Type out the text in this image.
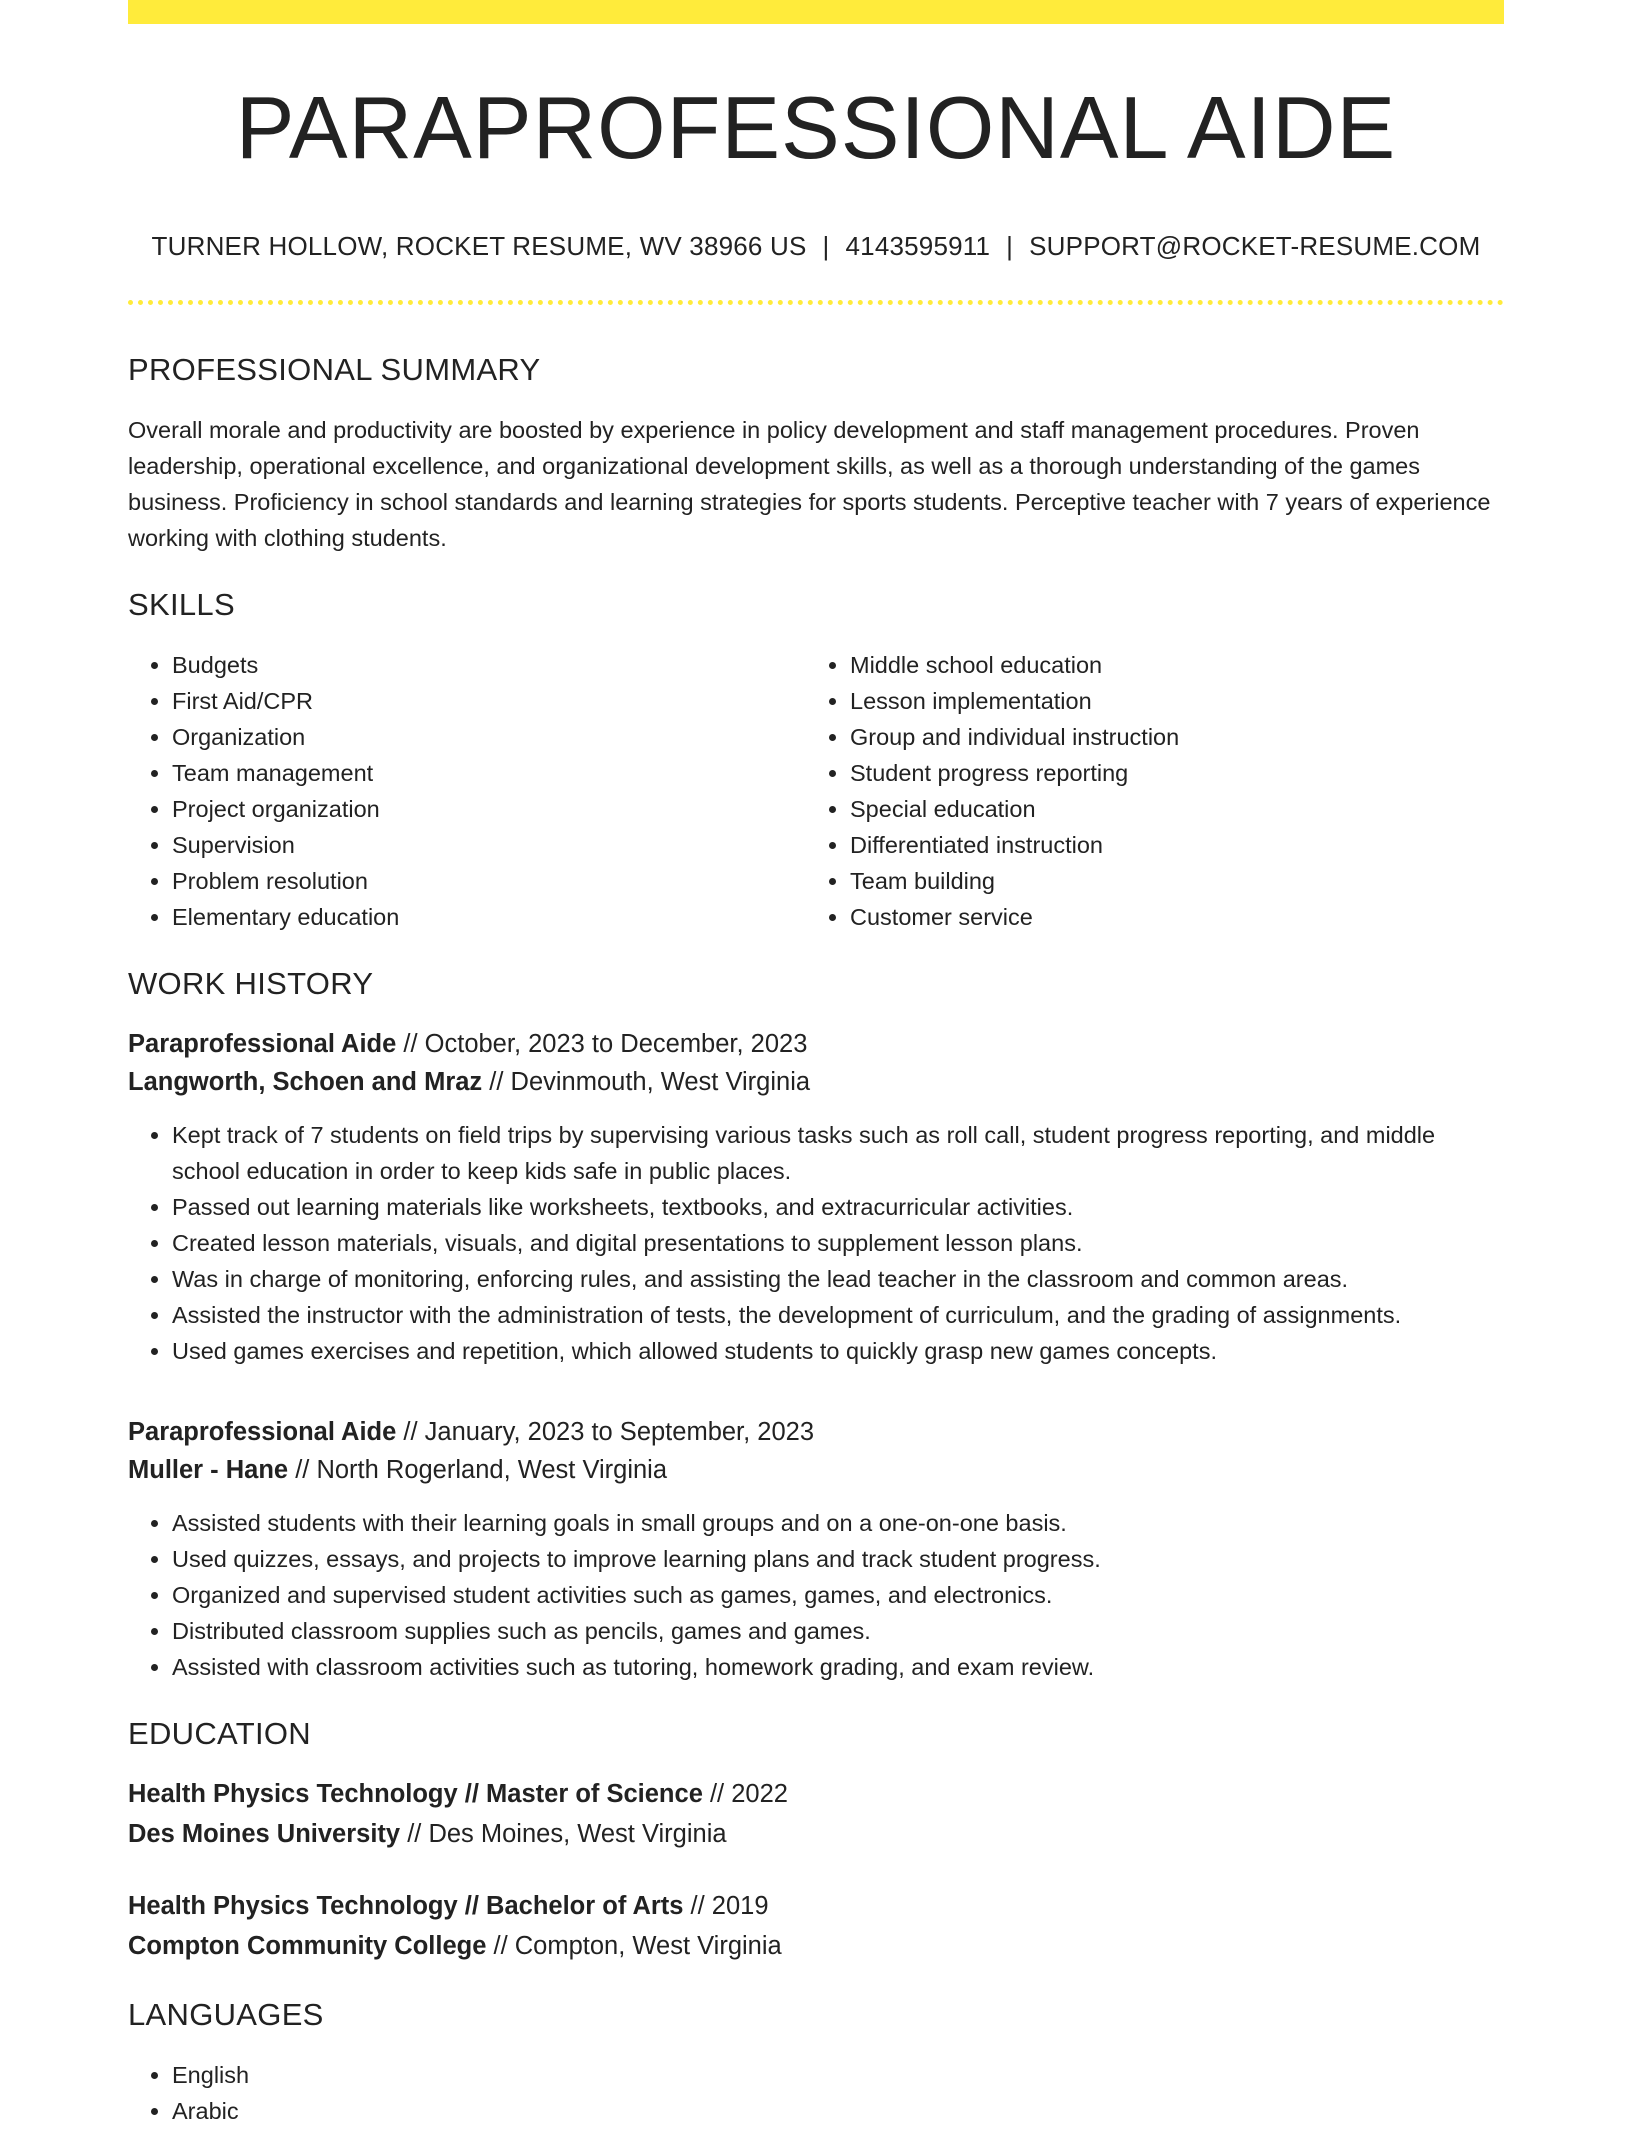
PARAPROFESSIONAL AIDE
TURNER HOLLOW, ROCKET RESUME, WV 38966 US | 4143595911 | SUPPORT@ROCKET-RESUME.COM
PROFESSIONAL SUMMARY
Overall morale and productivity are boosted by experience in policy development and staff management procedures. Proven leadership, operational excellence, and organizational development skills, as well as a thorough understanding of the games business. Proficiency in school standards and learning strategies for sports students. Perceptive teacher with 7 years of experience working with clothing students.
SKILLS
• Budgets
• First Aid/CPR
• Organization
• Team management
• Project organization
• Supervision
• Problem resolution
• Elementary education
• Middle school education
• Lesson implementation
• Group and individual instruction
• Student progress reporting
• Special education
• Differentiated instruction
• Team building
• Customer service
WORK HISTORY
Paraprofessional Aide // October, 2023 to December, 2023
Langworth, Schoen and Mraz // Devinmouth, West Virginia
• Kept track of 7 students on field trips by supervising various tasks such as roll call, student progress reporting, and middle school education in order to keep kids safe in public places.
• Passed out learning materials like worksheets, textbooks, and extracurricular activities.
• Created lesson materials, visuals, and digital presentations to supplement lesson plans.
• Was in charge of monitoring, enforcing rules, and assisting the lead teacher in the classroom and common areas.
• Assisted the instructor with the administration of tests, the development of curriculum, and the grading of assignments.
• Used games exercises and repetition, which allowed students to quickly grasp new games concepts.
Paraprofessional Aide // January, 2023 to September, 2023
Muller - Hane // North Rogerland, West Virginia
• Assisted students with their learning goals in small groups and on a one-on-one basis.
• Used quizzes, essays, and projects to improve learning plans and track student progress.
• Organized and supervised student activities such as games, games, and electronics.
• Distributed classroom supplies such as pencils, games and games.
• Assisted with classroom activities such as tutoring, homework grading, and exam review.
EDUCATION
Health Physics Technology // Master of Science // 2022
Des Moines University // Des Moines, West Virginia
Health Physics Technology // Bachelor of Arts // 2019
Compton Community College // Compton, West Virginia
LANGUAGES
• English
• Arabic
